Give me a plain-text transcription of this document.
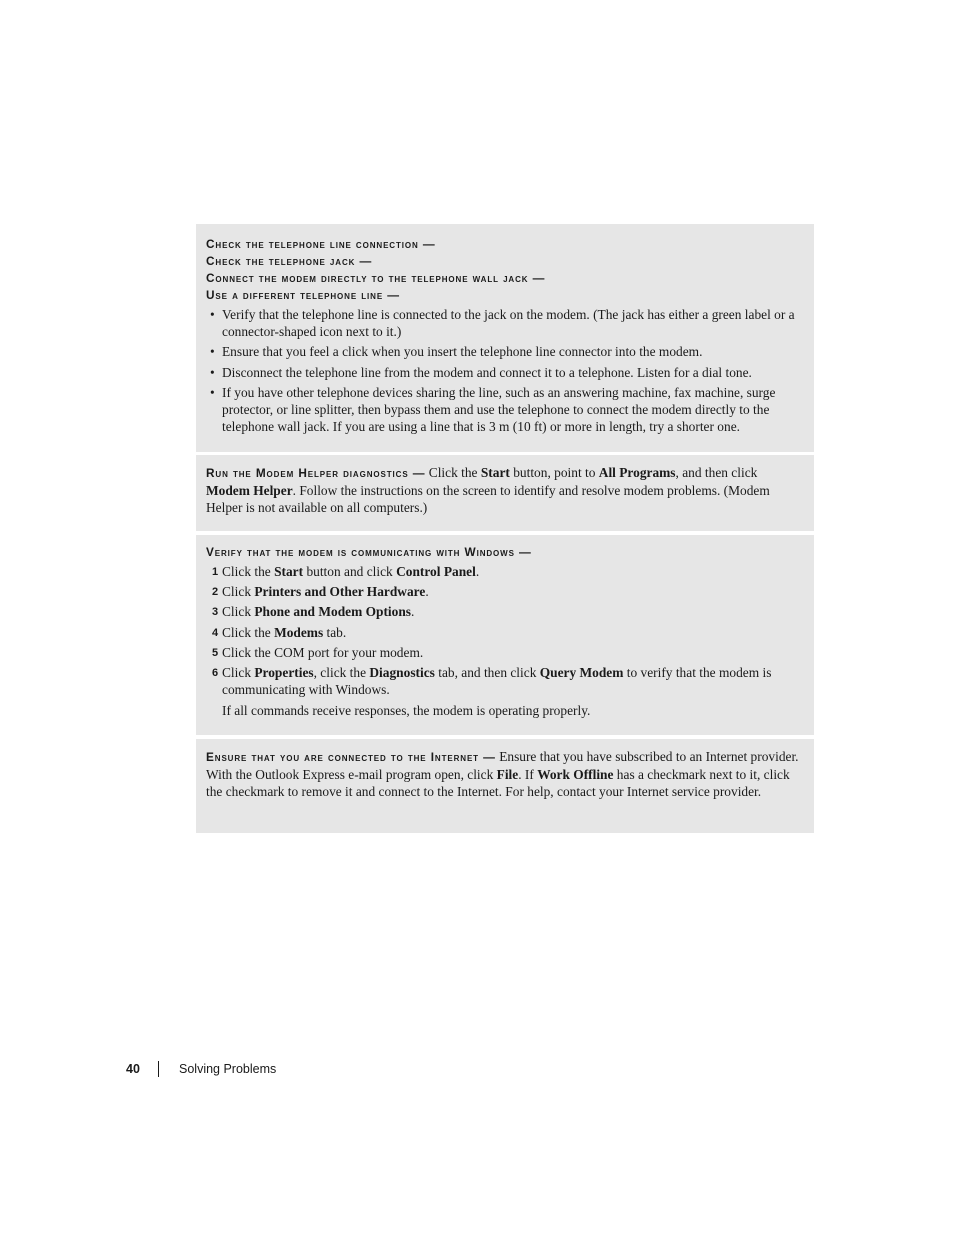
Check the telephone line connection —
Check the telephone jack —
Connect the modem directly to the telephone wall jack —
Use a different telephone line —
• Verify that the telephone line is connected to the jack on the modem. (The jack has either a green label or a connector-shaped icon next to it.)
• Ensure that you feel a click when you insert the telephone line connector into the modem.
• Disconnect the telephone line from the modem and connect it to a telephone. Listen for a dial tone.
• If you have other telephone devices sharing the line, such as an answering machine, fax machine, surge protector, or line splitter, then bypass them and use the telephone to connect the modem directly to the telephone wall jack. If you are using a line that is 3 m (10 ft) or more in length, try a shorter one.
Run the Modem Helper diagnostics — Click the Start button, point to All Programs, and then click Modem Helper. Follow the instructions on the screen to identify and resolve modem problems. (Modem Helper is not available on all computers.)
Verify that the modem is communicating with Windows —
1 Click the Start button and click Control Panel.
2 Click Printers and Other Hardware.
3 Click Phone and Modem Options.
4 Click the Modems tab.
5 Click the COM port for your modem.
6 Click Properties, click the Diagnostics tab, and then click Query Modem to verify that the modem is communicating with Windows.
If all commands receive responses, the modem is operating properly.
Ensure that you are connected to the Internet — Ensure that you have subscribed to an Internet provider. With the Outlook Express e-mail program open, click File. If Work Offline has a checkmark next to it, click the checkmark to remove it and connect to the Internet. For help, contact your Internet service provider.
40	Solving Problems
